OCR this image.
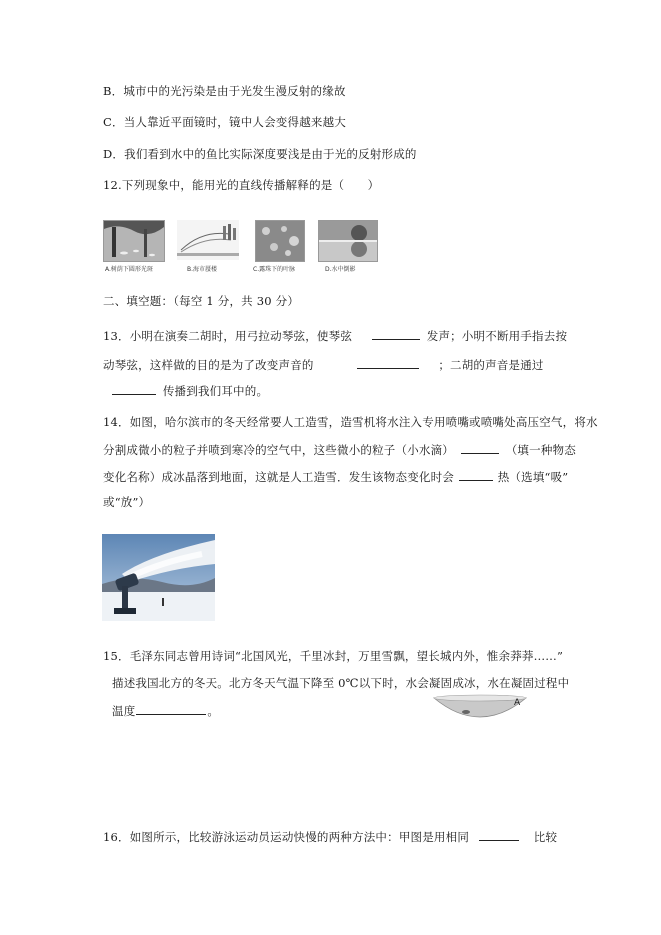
B．城市中的光污染是由于光发生漫反射的缘故
C．当人靠近平面镜时，镜中人会变得越来越大
D．我们看到水中的鱼比实际深度要浅是由于光的反射形成的
12.下列现象中，能用光的直线传播解释的是（　　）
A.树荫下圆形光斑	B.海市蜃楼	C.露珠下的叶脉	D.水中倒影
二、填空题：（每空 1 分，共 30 分）
13．小明在演奏二胡时，用弓拉动琴弦，使琴弦	发声；小明不断用手指去按
动琴弦，这样做的目的是为了改变声音的	；二胡的声音是通过
传播到我们耳中的。
14．如图，哈尔滨市的冬天经常要人工造雪，造雪机将水注入专用喷嘴或喷嘴处高压空气，将水
分割成微小的粒子并喷到寒冷的空气中，这些微小的粒子（小水滴）	（填一种物态
变化名称）成冰晶落到地面，这就是人工造雪．发生该物态变化时会	热（选填“吸”
或“放”）
15．毛泽东同志曾用诗词“北国风光，千里冰封，万里雪飘，望长城内外，惟余莽莽……”
描述我国北方的冬天。北方冬天气温下降至 0℃以下时，水会凝固成冰，水在凝固过程中
温度	。
A
16．如图所示，比较游泳运动员运动快慢的两种方法中：甲图是用相同	比较
